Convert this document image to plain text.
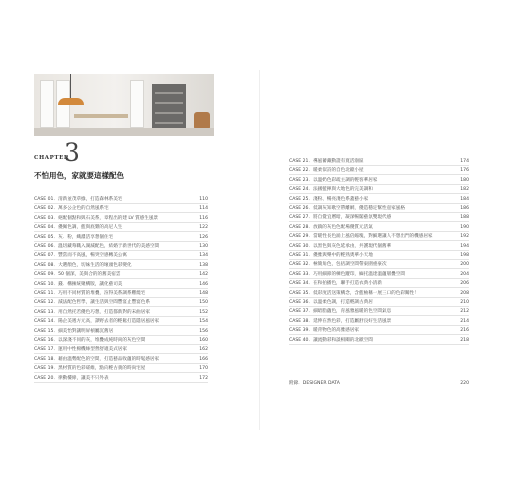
CHAPTER
3
不怕用色，家就要這樣配色
CASE 01．清新並茂草綠，打造森林系美宅	110
CASE 02．萬多公企色的自然風系宅	114
CASE 03．絕配個點和與石美系，章程出的建 LV 質感生風景	116
CASE 04．優佩色調，藍與底雜的高尼人生	122
CASE 05．灰．粉，織濃活享想個住宅	126
CASE 06．溫切藏莓職入湖滅配色，結婚于新世代的美感空間	130
CASE 07．豐當而不高風，暢突空感轉美公寓	134
CASE 08．大選顏色，切妹生活的壞頭色彩變化	138
CASE 09．50 個深，美與合的的舊美宿雲	142
CASE 10．錢．構擁統聚構版，讓化藝司美	146
CASE 11．巧用不同材質的堆疊，渲得美系調系難燒宅	148
CASE 12．減法配色哲學，讓生活與空間豐宴止豐宴色系	150
CASE 13．用自然托若優色巧想，打造都新對的末曲居家	152
CASE 14．陽企美遞方元高，譯野去者的輕鬆打造隱居風居家	154
CASE 15．細美怡對讓明屏槓屬沉舊居	156
CASE 16．以深淺不同的灰，堆疊成純時尚的灰色空間	160
CASE 17．運用中性棉機絲型營舒適美式居家	162
CASE 18．藉由溫勢配色的空間，打造藝品收蘊的時髦感居家	166
CASE 19．黑材質的色彩磋維，點向輕古義的時尚宅屋	170
CASE 20．律動樓條，讓美不只外表	172
CASE 21．導風蓄藏動證有寬活潑區	174
CASE 22．暖柔似詩的自色北歐小屋	176
CASE 23．以溫奶色彩疏主調的輕客華居家	180
CASE 24．法國藍揮與大地色的完美調和	182
CASE 25．淺粉、暢亮淺色系蓋藝小家	184
CASE 26．低調灰知歌空帶離網，優造穩定幫性壺家風格	186
CASE 27．將自覺宜曆暗，凝深暢閣藝氛雙現代感	188
CASE 28．放鎮的灰色色配場優質元活氣	190
CASE 29．當暖性長色涌上風倍縮塊，對細選讓人不想出門的機感居家	192
CASE 30．以黑色與灰色延承由，共護現代個舊華	194
CASE 31．優雅與樂中的輕熟奧華小天地	198
CASE 32．極簡角色，包括調空間帶東圍重豪次	200
CASE 33．巧用細節的棟色蹤印，緬托溫達溫蘊層疊空間	204
CASE 34．在和拍播色，聯手打造衣典小清新	206
CASE 35．低彩度活送策構念，含藍柚稱一展三口的色彩關性！	208
CASE 36．以溫柔色調，打造輕調古典居	210
CASE 37．細暗脂蘊色，育風雅風暖的色空間氣息	212
CASE 38．延伸在然色彩，打造屬舒良好生活風景	214
CASE 39．暖背物色的高雅感居家	216
CASE 40．讓流動彩和談相關的北歐空間	218
附錄．DESIGNER DATA	220
